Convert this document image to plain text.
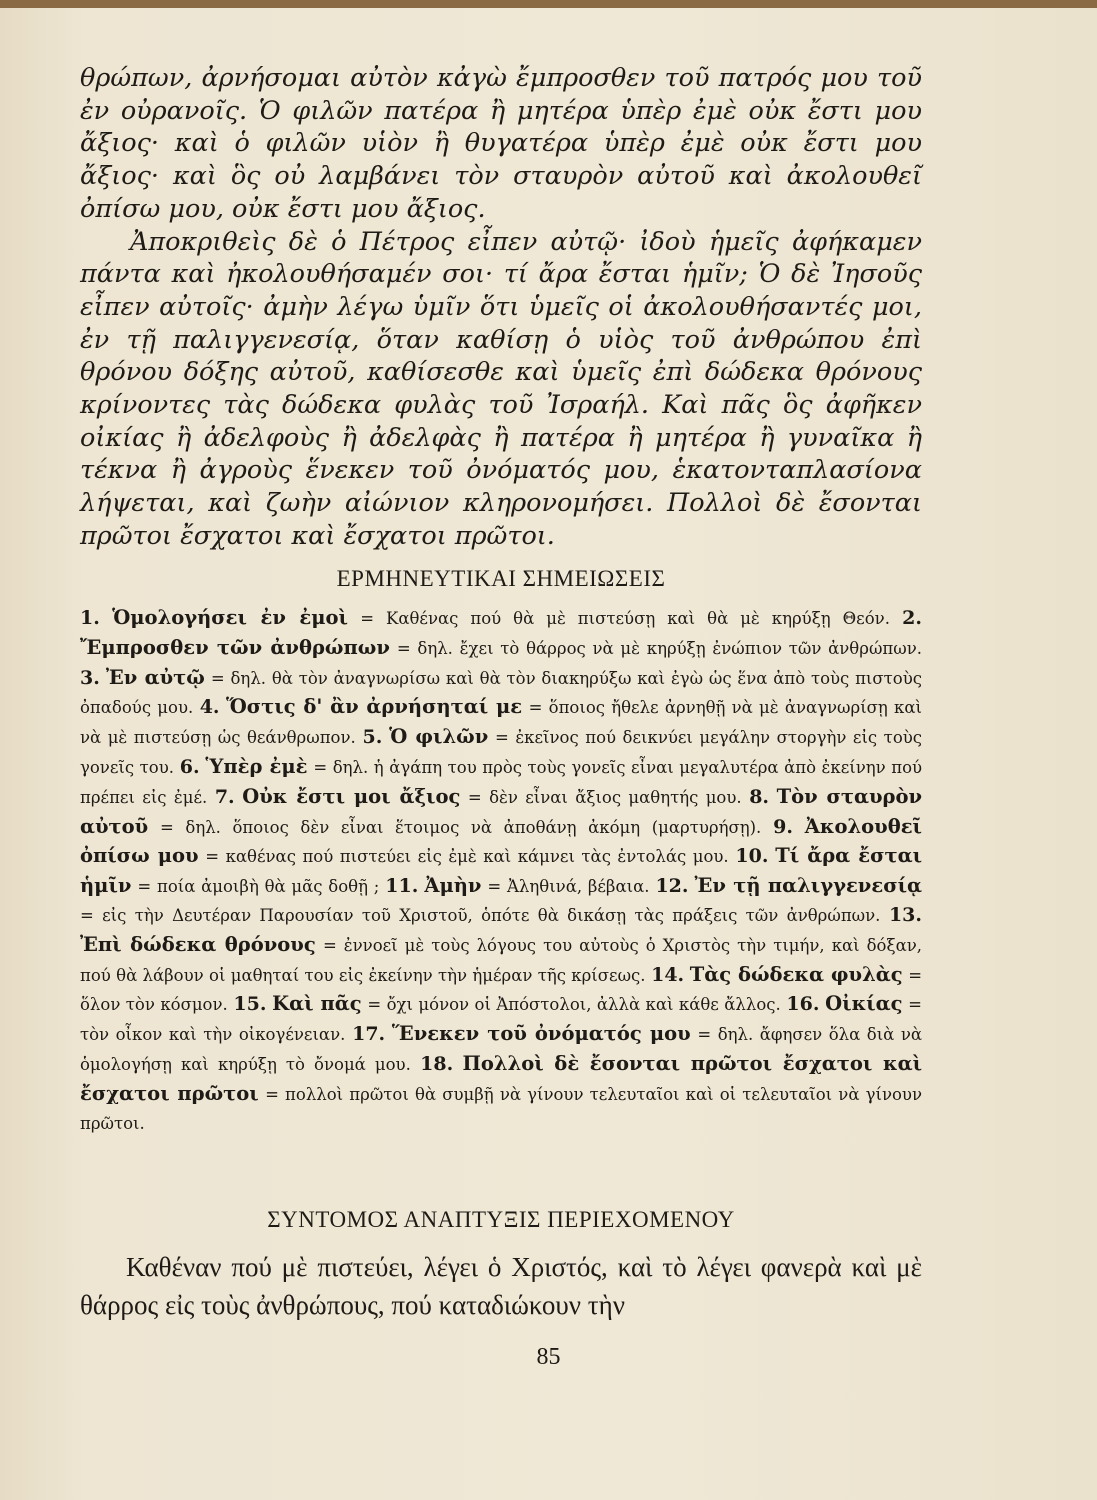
θρώπων, ἀρνήσομαι αὐτὸν κἀγὼ ἔμπροσθεν τοῦ πατρός μου τοῦ ἐν οὐρανοῖς. Ὁ φιλῶν πατέρα ἢ μητέρα ὑπὲρ ἐμὲ οὐκ ἔστι μου ἄξιος· καὶ ὁ φιλῶν υἱὸν ἢ θυγατέρα ὑπὲρ ἐμὲ οὐκ ἔστι μου ἄξιος· καὶ ὃς οὐ λαμβάνει τὸν σταυρὸν αὐτοῦ καὶ ἀκολουθεῖ ὀπίσω μου, οὐκ ἔστι μου ἄξιος.

Ἀποκριθεὶς δὲ ὁ Πέτρος εἶπεν αὐτῷ· ἰδοὺ ἡμεῖς ἀφήκαμεν πάντα καὶ ἠκολουθήσαμέν σοι· τί ἄρα ἔσται ἡμῖν; Ὁ δὲ Ἰησοῦς εἶπεν αὐτοῖς· ἀμὴν λέγω ὑμῖν ὅτι ὑμεῖς οἱ ἀκολουθήσαντές μοι, ἐν τῇ παλιγγενεσίᾳ, ὅταν καθίσῃ ὁ υἱὸς τοῦ ἀνθρώπου ἐπὶ θρόνου δόξης αὐτοῦ, καθίσεσθε καὶ ὑμεῖς ἐπὶ δώδεκα θρόνους κρίνοντες τὰς δώδεκα φυλὰς τοῦ Ἰσραήλ. Καὶ πᾶς ὃς ἀφῆκεν οἰκίας ἢ ἀδελφοὺς ἢ ἀδελφὰς ἢ πατέρα ἢ μητέρα ἢ γυναῖκα ἢ τέκνα ἢ ἀγροὺς ἕνεκεν τοῦ ὀνόματός μου, ἑκατονταπλασίονα λήψεται, καὶ ζωὴν αἰώνιον κληρονομήσει. Πολλοὶ δὲ ἔσονται πρῶτοι ἔσχατοι καὶ ἔσχατοι πρῶτοι.

ΕΡΜΗΝΕΥΤΙΚΑΙ ΣΗΜΕΙΩΣΕΙΣ
1. Ὁμολογήσει ἐν ἐμοὶ = Καθένας πού θὰ μὲ πιστεύσῃ καὶ θὰ μὲ κηρύξῃ Θεόν. 2. Ἔμπροσθεν τῶν ἀνθρώπων = δηλ. ἔχει τὸ θάρρος νὰ μὲ κηρύξῃ ἐνώπιον τῶν ἀνθρώπων. 3. Ἐν αὐτῷ = δηλ. θὰ τὸν ἀναγνωρίσω καὶ θὰ τὸν διακηρύξω καὶ ἐγὼ ὡς ἕνα ἀπὸ τοὺς πιστοὺς ὀπαδούς μου. 4. Ὅστις δ' ἂν ἀρνήσηταί με = ὅποιος ἤθελε ἀρνηθῇ νὰ μὲ ἀναγνωρίσῃ καὶ νὰ μὲ πιστεύσῃ ὡς θεάνθρωπον. 5. Ὁ φιλῶν = ἐκεῖνος πού δεικνύει μεγάλην στοργὴν εἰς τοὺς γονεῖς του. 6. Ὑπὲρ ἐμὲ = δηλ. ἡ ἀγάπη του πρὸς τοὺς γονεῖς εἶναι μεγαλυτέρα ἀπὸ ἐκείνην πού πρέπει εἰς ἐμέ. 7. Οὐκ ἔστι μοι ἄξιος = δὲν εἶναι ἄξιος μαθητής μου. 8. Τὸν σταυρὸν αὐτοῦ = δηλ. ὅποιος δὲν εἶναι ἕτοιμος νὰ ἀποθάνῃ ἀκόμη (μαρτυρήσῃ). 9. Ἀκολουθεῖ ὀπίσω μου = καθένας πού πιστεύει εἰς ἐμὲ καὶ κάμνει τὰς ἐντολάς μου. 10. Τί ἄρα ἔσται ἡμῖν = ποία ἀμοιβὴ θὰ μᾶς δοθῇ ; 11. Ἀμὴν = Ἀληθινά, βέβαια. 12. Ἐν τῇ παλιγγενεσίᾳ = εἰς τὴν Δευτέραν Παρουσίαν τοῦ Χριστοῦ, ὁπότε θὰ δικάσῃ τὰς πράξεις τῶν ἀνθρώπων. 13. Ἐπὶ δώδεκα θρόνους = ἐννοεῖ μὲ τοὺς λόγους του αὐτοὺς ὁ Χριστὸς τὴν τιμήν, καὶ δόξαν, πού θὰ λάβουν οἱ μαθηταί του εἰς ἐκείνην τὴν ἡμέραν τῆς κρίσεως. 14. Τὰς δώδεκα φυλὰς = ὅλον τὸν κόσμον. 15. Καὶ πᾶς = ὄχι μόνον οἱ Ἀπόστολοι, ἀλλὰ καὶ κάθε ἄλλος. 16. Οἰκίας = τὸν οἶκον καὶ τὴν οἰκογένειαν. 17. Ἕνεκεν τοῦ ὀνόματός μου = δηλ. ἄφησεν ὅλα διὰ νὰ ὁμολογήσῃ καὶ κηρύξῃ τὸ ὄνομά μου. 18. Πολλοὶ δὲ ἔσονται πρῶτοι ἔσχατοι καὶ ἔσχατοι πρῶτοι = πολλοὶ πρῶτοι θὰ συμβῇ νὰ γίνουν τελευταῖοι καὶ οἱ τελευταῖοι νὰ γίνουν πρῶτοι.
ΣΥΝΤΟΜΟΣ ΑΝΑΠΤΥΞΙΣ ΠΕΡΙΕΧΟΜΕΝΟΥ

Καθέναν πού μὲ πιστεύει, λέγει ὁ Χριστός, καὶ τὸ λέγει φανερὰ καὶ μὲ θάρρος εἰς τοὺς ἀνθρώπους, πού καταδιώκουν τὴν

85
